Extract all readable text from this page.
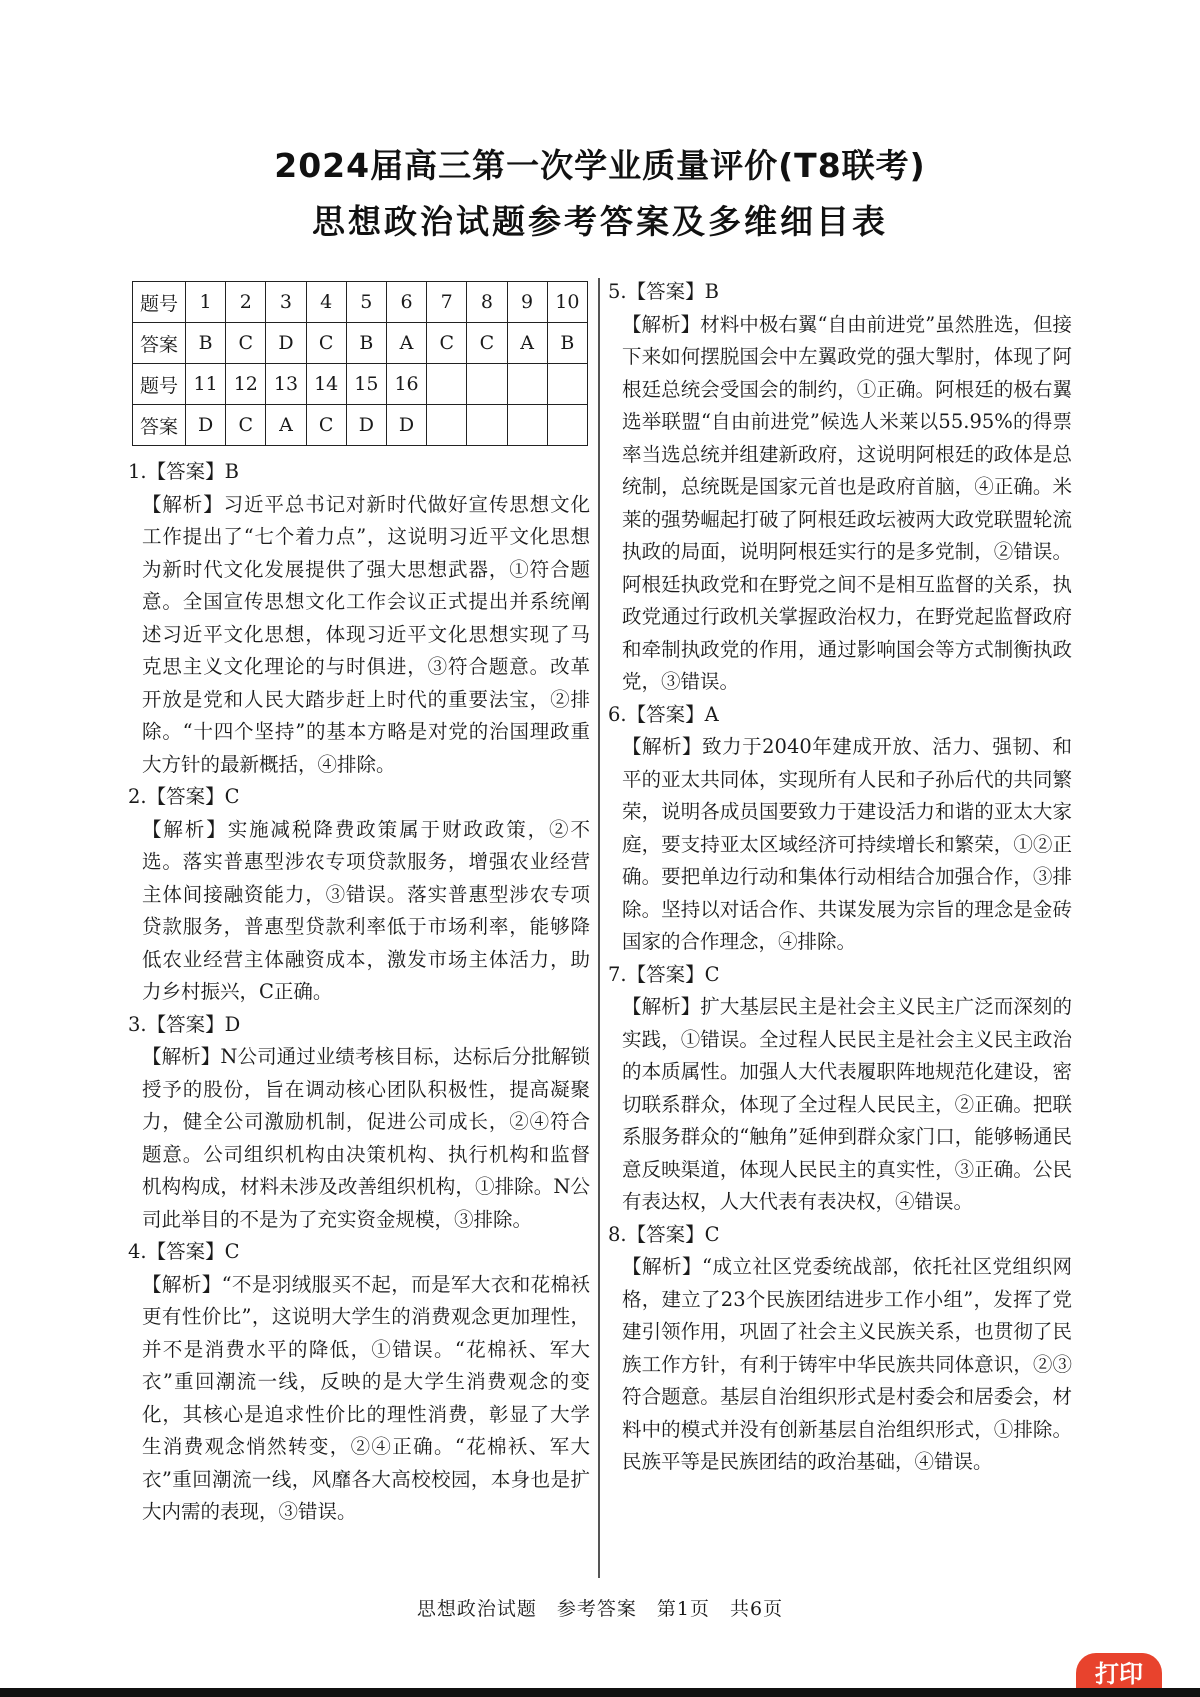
2024届高三第一次学业质量评价(T8联考)
思想政治试题参考答案及多维细目表
题号	1	2	3	4	5	6	7	8	9	10
答案	B	C	D	C	B	A	C	C	A	B
题号	11	12	13	14	15	16				
答案	D	C	A	C	D	D				
1.【答案】B
【解析】习近平总书记对新时代做好宣传思想文化工作提出了“七个着力点”，这说明习近平文化思想为新时代文化发展提供了强大思想武器，①符合题意。全国宣传思想文化工作会议正式提出并系统阐述习近平文化思想，体现习近平文化思想实现了马克思主义文化理论的与时俱进，③符合题意。改革开放是党和人民大踏步赶上时代的重要法宝，②排除。“十四个坚持”的基本方略是对党的治国理政重大方针的最新概括，④排除。
2.【答案】C
【解析】实施减税降费政策属于财政政策，②不选。落实普惠型涉农专项贷款服务，增强农业经营主体间接融资能力，③错误。落实普惠型涉农专项贷款服务，普惠型贷款利率低于市场利率，能够降低农业经营主体融资成本，激发市场主体活力，助力乡村振兴，C正确。
3.【答案】D
【解析】N公司通过业绩考核目标，达标后分批解锁授予的股份，旨在调动核心团队积极性，提高凝聚力，健全公司激励机制，促进公司成长，②④符合题意。公司组织机构由决策机构、执行机构和监督机构构成，材料未涉及改善组织机构，①排除。N公司此举目的不是为了充实资金规模，③排除。
4.【答案】C
【解析】“不是羽绒服买不起，而是军大衣和花棉袄更有性价比”，这说明大学生的消费观念更加理性，并不是消费水平的降低，①错误。“花棉袄、军大衣”重回潮流一线，反映的是大学生消费观念的变化，其核心是追求性价比的理性消费，彰显了大学生消费观念悄然转变，②④正确。“花棉袄、军大衣”重回潮流一线，风靡各大高校校园，本身也是扩大内需的表现，③错误。
5.【答案】B
【解析】材料中极右翼“自由前进党”虽然胜选，但接下来如何摆脱国会中左翼政党的强大掣肘，体现了阿根廷总统会受国会的制约，①正确。阿根廷的极右翼选举联盟“自由前进党”候选人米莱以55.95%的得票率当选总统并组建新政府，这说明阿根廷的政体是总统制，总统既是国家元首也是政府首脑，④正确。米莱的强势崛起打破了阿根廷政坛被两大政党联盟轮流执政的局面，说明阿根廷实行的是多党制，②错误。阿根廷执政党和在野党之间不是相互监督的关系，执政党通过行政机关掌握政治权力，在野党起监督政府和牵制执政党的作用，通过影响国会等方式制衡执政党，③错误。
6.【答案】A
【解析】致力于2040年建成开放、活力、强韧、和平的亚太共同体，实现所有人民和子孙后代的共同繁荣，说明各成员国要致力于建设活力和谐的亚太大家庭，要支持亚太区域经济可持续增长和繁荣，①②正确。要把单边行动和集体行动相结合加强合作，③排除。坚持以对话合作、共谋发展为宗旨的理念是金砖国家的合作理念，④排除。
7.【答案】C
【解析】扩大基层民主是社会主义民主广泛而深刻的实践，①错误。全过程人民民主是社会主义民主政治的本质属性。加强人大代表履职阵地规范化建设，密切联系群众，体现了全过程人民民主，②正确。把联系服务群众的“触角”延伸到群众家门口，能够畅通民意反映渠道，体现人民民主的真实性，③正确。公民有表达权，人大代表有表决权，④错误。
8.【答案】C
【解析】“成立社区党委统战部，依托社区党组织网格，建立了23个民族团结进步工作小组”，发挥了党建引领作用，巩固了社会主义民族关系，也贯彻了民族工作方针，有利于铸牢中华民族共同体意识，②③符合题意。基层自治组织形式是村委会和居委会，材料中的模式并没有创新基层自治组织形式，①排除。民族平等是民族团结的政治基础，④错误。
思想政治试题　参考答案　第1页　共6页
打印
